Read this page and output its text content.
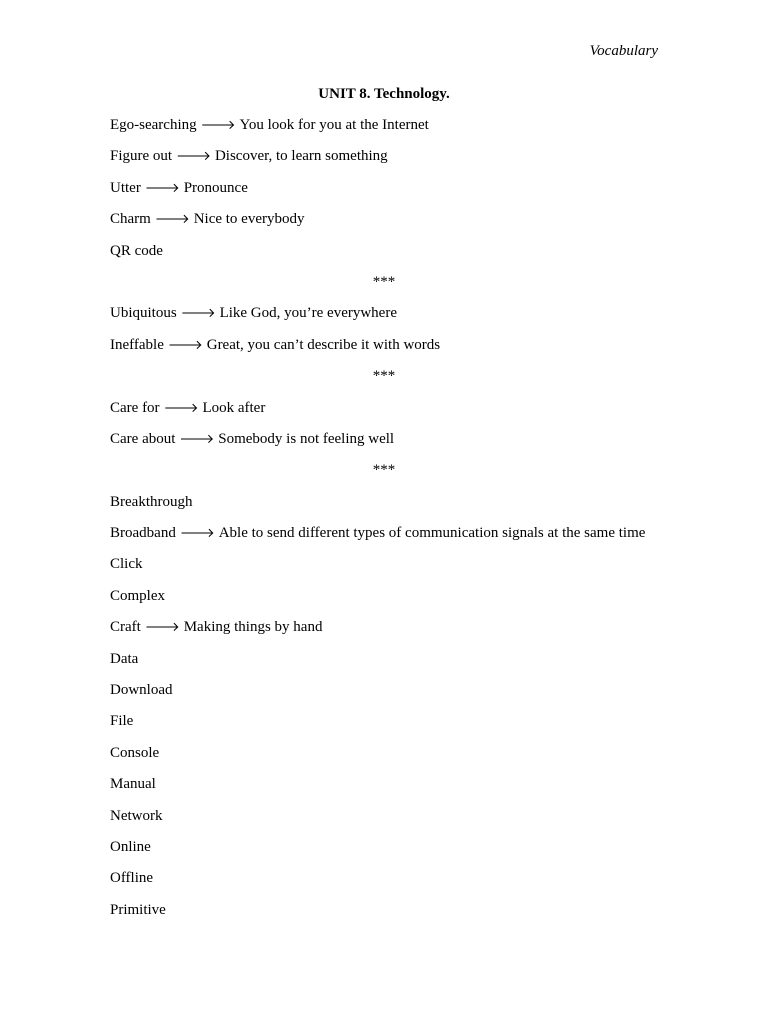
Vocabulary
UNIT 8. Technology.
Ego-searching 🡒 You look for you at the Internet
Figure out 🡒 Discover, to learn something
Utter 🡒 Pronounce
Charm 🡒 Nice to everybody
QR code
***
Ubiquitous 🡒 Like God, you’re everywhere
Ineffable 🡒 Great, you can’t describe it with words
***
Care for 🡒 Look after
Care about 🡒 Somebody is not feeling well
***
Breakthrough
Broadband 🡒 Able to send different types of communication signals at the same time
Click
Complex
Craft 🡒 Making things by hand
Data
Download
File
Console
Manual
Network
Online
Offline
Primitive
